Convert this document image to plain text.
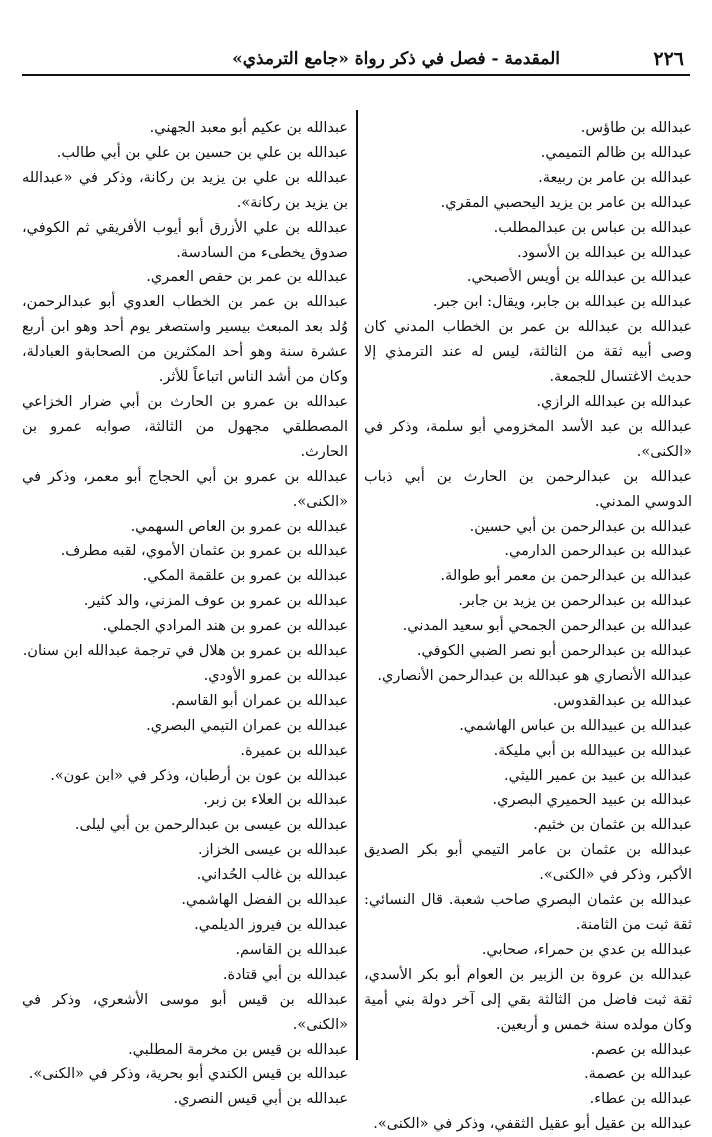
٢٢٦
المقدمة - فصل في ذكر رواة «جامع الترمذي»

عبدالله بن طاؤس.

عبدالله بن ظالم التميمي.

عبدالله بن عامر بن ربيعة.

عبدالله بن عامر بن يزيد اليحصبي المقري.

عبدالله بن عباس بن عبدالمطلب.

عبدالله بن عبدالله بن الأسود.

عبدالله بن عبدالله بن أويس الأصبحي.

عبدالله بن عبدالله بن جابر، ويقال: ابن جبر.

عبدالله بن عبدالله بن عمر بن الخطاب المدني كان وصى أبيه ثقة من الثالثة، ليس له عند الترمذي إلا حديث الاغتسال للجمعة.

عبدالله بن عبدالله الرازي.

عبدالله بن عبد الأسد المخزومي أبو سلمة، وذكر في «الكنى».

عبدالله بن عبدالرحمن بن الحارث بن أبي ذباب الدوسي المدني.

عبدالله بن عبدالرحمن بن أبي حسين.

عبدالله بن عبدالرحمن الدارمي.

عبدالله بن عبدالرحمن بن معمر أبو طوالة.

عبدالله بن عبدالرحمن بن يزيد بن جابر.

عبدالله بن عبدالرحمن الجمحي أبو سعيد المدني.

عبدالله بن عبدالرحمن أبو نصر الضبي الكوفي.

عبدالله الأنصاري هو عبدالله بن عبدالرحمن الأنصاري.

عبدالله بن عبدالقدوس.

عبدالله بن عبيدالله بن عباس الهاشمي.

عبدالله بن عبيدالله بن أبي مليكة.

عبدالله بن عبيد بن عمير الليثي.

عبدالله بن عبيد الحميري البصري.

عبدالله بن عثمان بن خثيم.

عبدالله بن عثمان بن عامر التيمي أبو بكر الصديق الأكبر، وذكر في «الكنى».

عبدالله بن عثمان البصري صاحب شعبة. قال النسائي: ثقة ثبت من الثامنة.

عبدالله بن عدي بن حمراء، صحابي.

عبدالله بن عروة بن الزبير بن العوام أبو بكر الأسدي، ثقة ثبت فاضل من الثالثة بقي إلى آخر دولة بني أمية وكان مولده سنة خمس و أربعين.

عبدالله بن عصم.

عبدالله بن عصمة.

عبدالله بن عطاء.

عبدالله بن عقيل أبو عقيل الثقفي، وذكر في «الكنى».

عبدالله بن عكيم أبو معبد الجهني.

عبدالله بن علي بن حسين بن علي بن أبي طالب.

عبدالله بن علي بن يزيد بن ركانة، وذكر في «عبدالله بن يزيد بن ركانة».

عبدالله بن علي الأزرق أبو أيوب الأفريقي ثم الكوفي، صدوق يخطىء من السادسة.

عبدالله بن عمر بن حفص العمري.

عبدالله بن عمر بن الخطاب العدوي أبو عبدالرحمن، وُلد بعد المبعث بيسير واستصغر يوم أحد وهو ابن أربع عشرة سنة وهو أحد المكثرين من الصحابةو العبادلة، وكان من أشد الناس اتباعاً للأثر.

عبدالله بن عمرو بن الحارث بن أبي ضرار الخزاعي المصطلقي مجهول من الثالثة، صوابه عمرو بن الحارث.

عبدالله بن عمرو بن أبي الحجاج أبو معمر، وذكر في «الكنى».

عبدالله بن عمرو بن العاص السهمي.

عبدالله بن عمرو بن عثمان الأموي، لقبه مطرف.

عبدالله بن عمرو بن علقمة المكي.

عبدالله بن عمرو بن عوف المزني، والد كثير.

عبدالله بن عمرو بن هند المرادي الجملي.

عبدالله بن عمرو بن هلال في ترجمة عبدالله ابن سنان.

عبدالله بن عمرو الأودي.

عبدالله بن عمران أبو القاسم.

عبدالله بن عمران التيمي البصري.

عبدالله بن عميرة.

عبدالله بن عون بن أرطبان، وذكر في «ابن عون».

عبدالله بن العلاء بن زبر.

عبدالله بن عيسى بن عبدالرحمن بن أبي ليلى.

عبدالله بن عيسى الخزاز.

عبدالله بن غالب الحُداني.

عبدالله بن الفضل الهاشمي.

عبدالله بن فيروز الديلمي.

عبدالله بن القاسم.

عبدالله بن أبي قتادة.

عبدالله بن قيس أبو موسى الأشعري، وذكر في «الكنى».

عبدالله بن قيس بن مخرمة المطلبي.

عبدالله بن قيس الكندي أبو بحرية، وذكر في «الكنى».

عبدالله بن أبي قيس النصري.
